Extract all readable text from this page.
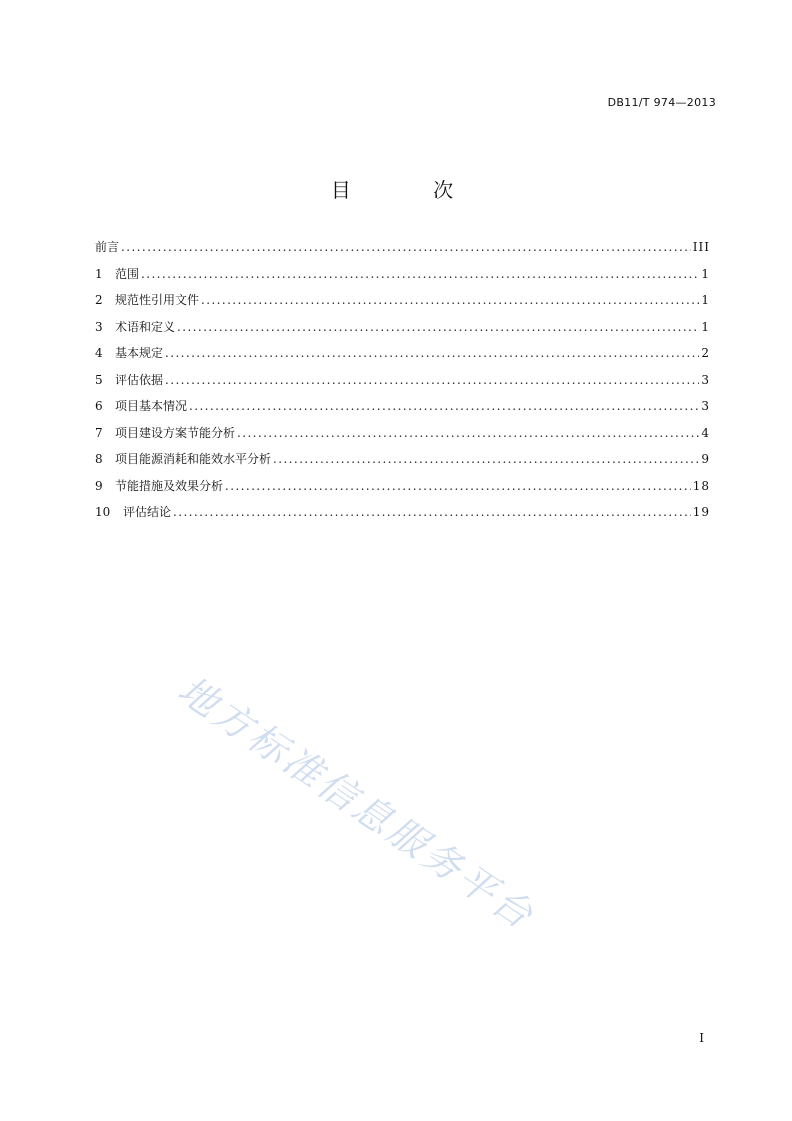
DB11/T 974—2013
目 次
前言 .....	III
1	范围 .....	1
2	规范性引用文件 .....	1
3	术语和定义 .....	1
4	基本规定 .....	2
5	评估依据 .....	3
6	项目基本情况 .....	3
7	项目建设方案节能分析 .....	4
8	项目能源消耗和能效水平分析 .....	9
9	节能措施及效果分析 .....	18
10	评估结论 .....	19
地方标准信息服务平台
I
